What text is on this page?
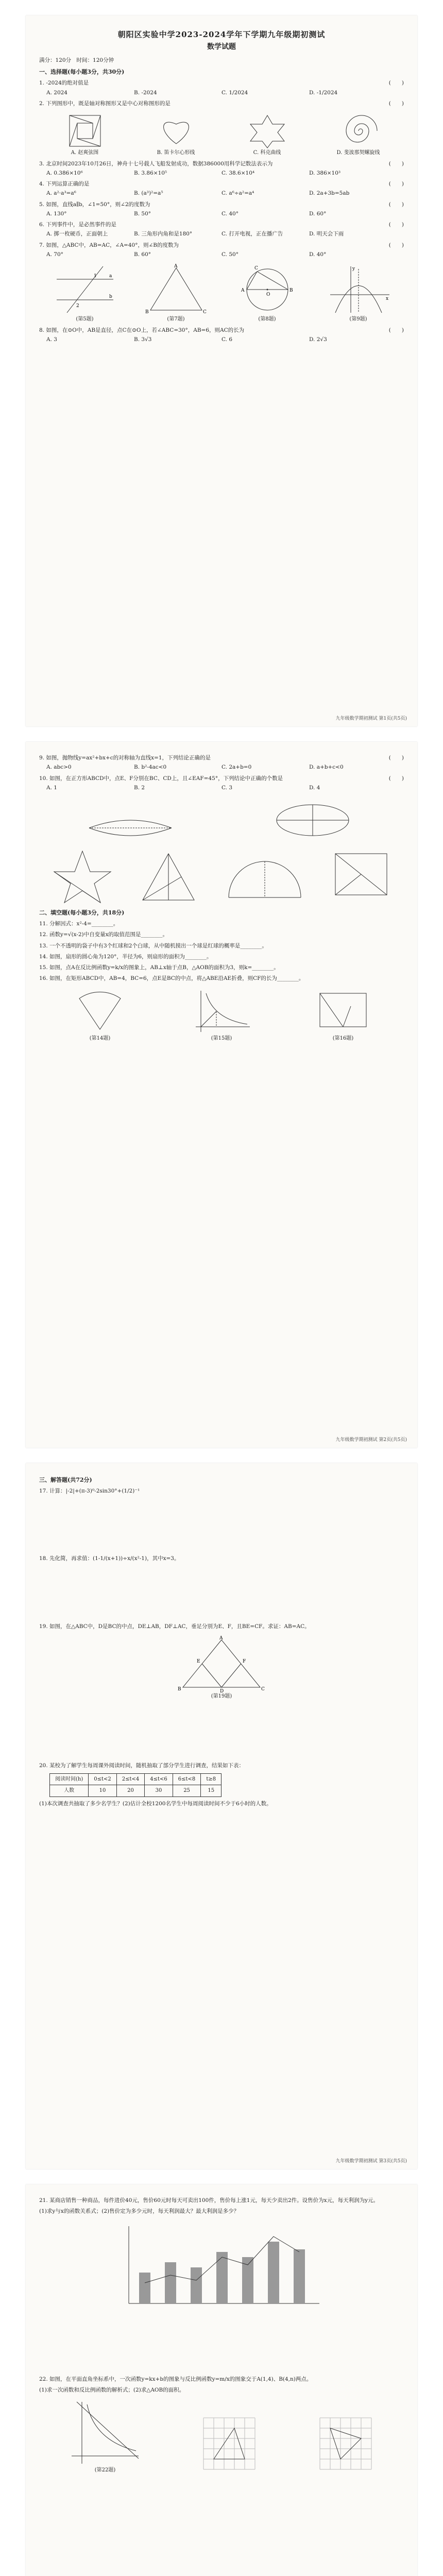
朝阳区实验中学2023-2024学年下学期九年级期初测试
数学试题
满分：120分　时间：120分钟
一、选择题(每小题3分，共30分)
1. -2024的绝对值是	(　　)
A. 2024	B. -2024	C. 1/2024	D. -1/2024
2. 下列图形中，既是轴对称图形又是中心对称图形的是	(　　)
A. 赵爽弦图	B. 笛卡尔心形线	C. 科克曲线	D. 斐波那契螺旋线
3. 北京时间2023年10月26日，神舟十七号载人飞船发射成功，数据386000用科学记数法表示为	(　　)
A. 0.386×10⁶	B. 3.86×10⁵	C. 38.6×10⁴	D. 386×10³
4. 下列运算正确的是	(　　)
A. a²·a³=a⁶	B. (a³)²=a⁵	C. a⁶÷a²=a⁴	D. 2a+3b=5ab
5. 如图，直线a∥b，∠1=50°，则∠2的度数为	(　　)
A. 130°	B. 50°	C. 40°	D. 60°
6. 下列事件中，是必然事件的是	(　　)
A. 掷一枚硬币，正面朝上	B. 三角形内角和是180°	C. 打开电视，正在播广告	D. 明天会下雨
7. 如图，△ABC中，AB=AC，∠A=40°，则∠B的度数为	(　　)
A. 70°	B. 60°	C. 50°	D. 40°
1
2
a
b
(第5题)
A
B	C
(第7题)
A	B
C
O
(第8题)
x
y
(第9题)
8. 如图，在⊙O中，AB是直径，点C在⊙O上，若∠ABC=30°，AB=6，则AC的长为	(　　)
A. 3	B. 3√3	C. 6	D. 2√3
九年级数学期初测试 第1页(共5页)
9. 如图，抛物线y=ax²+bx+c的对称轴为直线x=1，下列结论正确的是	(　　)
A. abc>0	B. b²-4ac<0	C. 2a+b=0	D. a+b+c<0
10. 如图，在正方形ABCD中，点E、F分别在BC、CD上，且∠EAF=45°，下列结论中正确的个数是	(　　)
A. 1	B. 2	C. 3	D. 4
二、填空题(每小题3分，共18分)
11. 分解因式：x²-4=________。
12. 函数y=√(x-2)中自变量x的取值范围是________。
13. 一个不透明的袋子中有3个红球和2个白球，从中随机摸出一个球是红球的概率是________。
14. 如图，扇形的圆心角为120°，半径为6，则扇形的面积为________。
15. 如图，点A在反比例函数y=k/x的图象上，AB⊥x轴于点B，△AOB的面积为3，则k=________。
16. 如图，在矩形ABCD中，AB=4，BC=6，点E是BC的中点，将△ABE沿AE折叠，则CF的长为________。
(第14题)	(第15题)	(第16题)
九年级数学期初测试 第2页(共5页)
三、解答题(共72分)
17. 计算：|-2|+(π-3)⁰-2sin30°+(1/2)⁻¹
18. 先化简，再求值：(1-1/(x+1))÷x/(x²-1)，其中x=3。
19. 如图，在△ABC中，D是BC的中点，DE⊥AB，DF⊥AC，垂足分别为E、F，且BE=CF。求证：AB=AC。
A
B	C
D
E	F
(第19题)
20. 某校为了解学生每周课外阅读时间，随机抽取了部分学生进行调查，结果如下表：
阅读时间(h)	0≤t<2	2≤t<4	4≤t<6	6≤t<8	t≥8
人数	10	20	30	25	15
(1)本次调查共抽取了多少名学生？(2)估计全校1200名学生中每周阅读时间不少于6小时的人数。
九年级数学期初测试 第3页(共5页)
21. 某商店销售一种商品，每件进价40元，售价60元时每天可卖出100件，售价每上涨1元，每天少卖出2件。设售价为x元，每天利润为y元。
(1)求y与x的函数关系式；(2)售价定为多少元时，每天利润最大？最大利润是多少？
22. 如图，在平面直角坐标系中，一次函数y=kx+b的图象与反比例函数y=m/x的图象交于A(1,4)、B(4,n)两点。
(1)求一次函数和反比例函数的解析式；(2)求△AOB的面积。
(第22题)
